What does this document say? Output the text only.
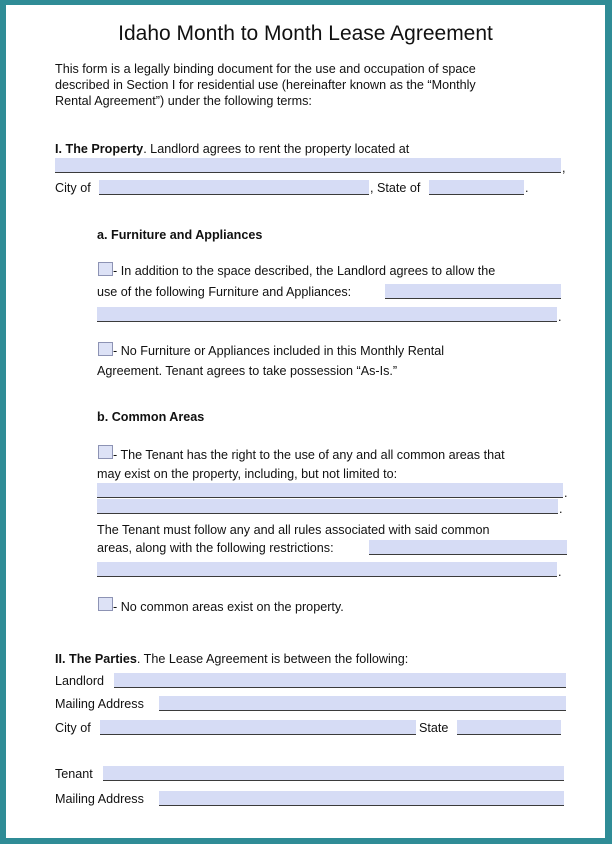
Idaho Month to Month Lease Agreement
This form is a legally binding document for the use and occupation of space
described in Section I for residential use (hereinafter known as the “Monthly
Rental Agreement”) under the following terms:
I. The Property. Landlord agrees to rent the property located at
,
City of	, State of	.
a. Furniture and Appliances
- In addition to the space described, the Landlord agrees to allow the
use of the following Furniture and Appliances:
.
- No Furniture or Appliances included in this Monthly Rental
Agreement. Tenant agrees to take possession “As-Is.”
b. Common Areas
- The Tenant has the right to the use of any and all common areas that
may exist on the property, including, but not limited to:
.
.
The Tenant must follow any and all rules associated with said common
areas, along with the following restrictions:
.
- No common areas exist on the property.
II. The Parties. The Lease Agreement is between the following:
Landlord
Mailing Address
City of	State
Tenant
Mailing Address
